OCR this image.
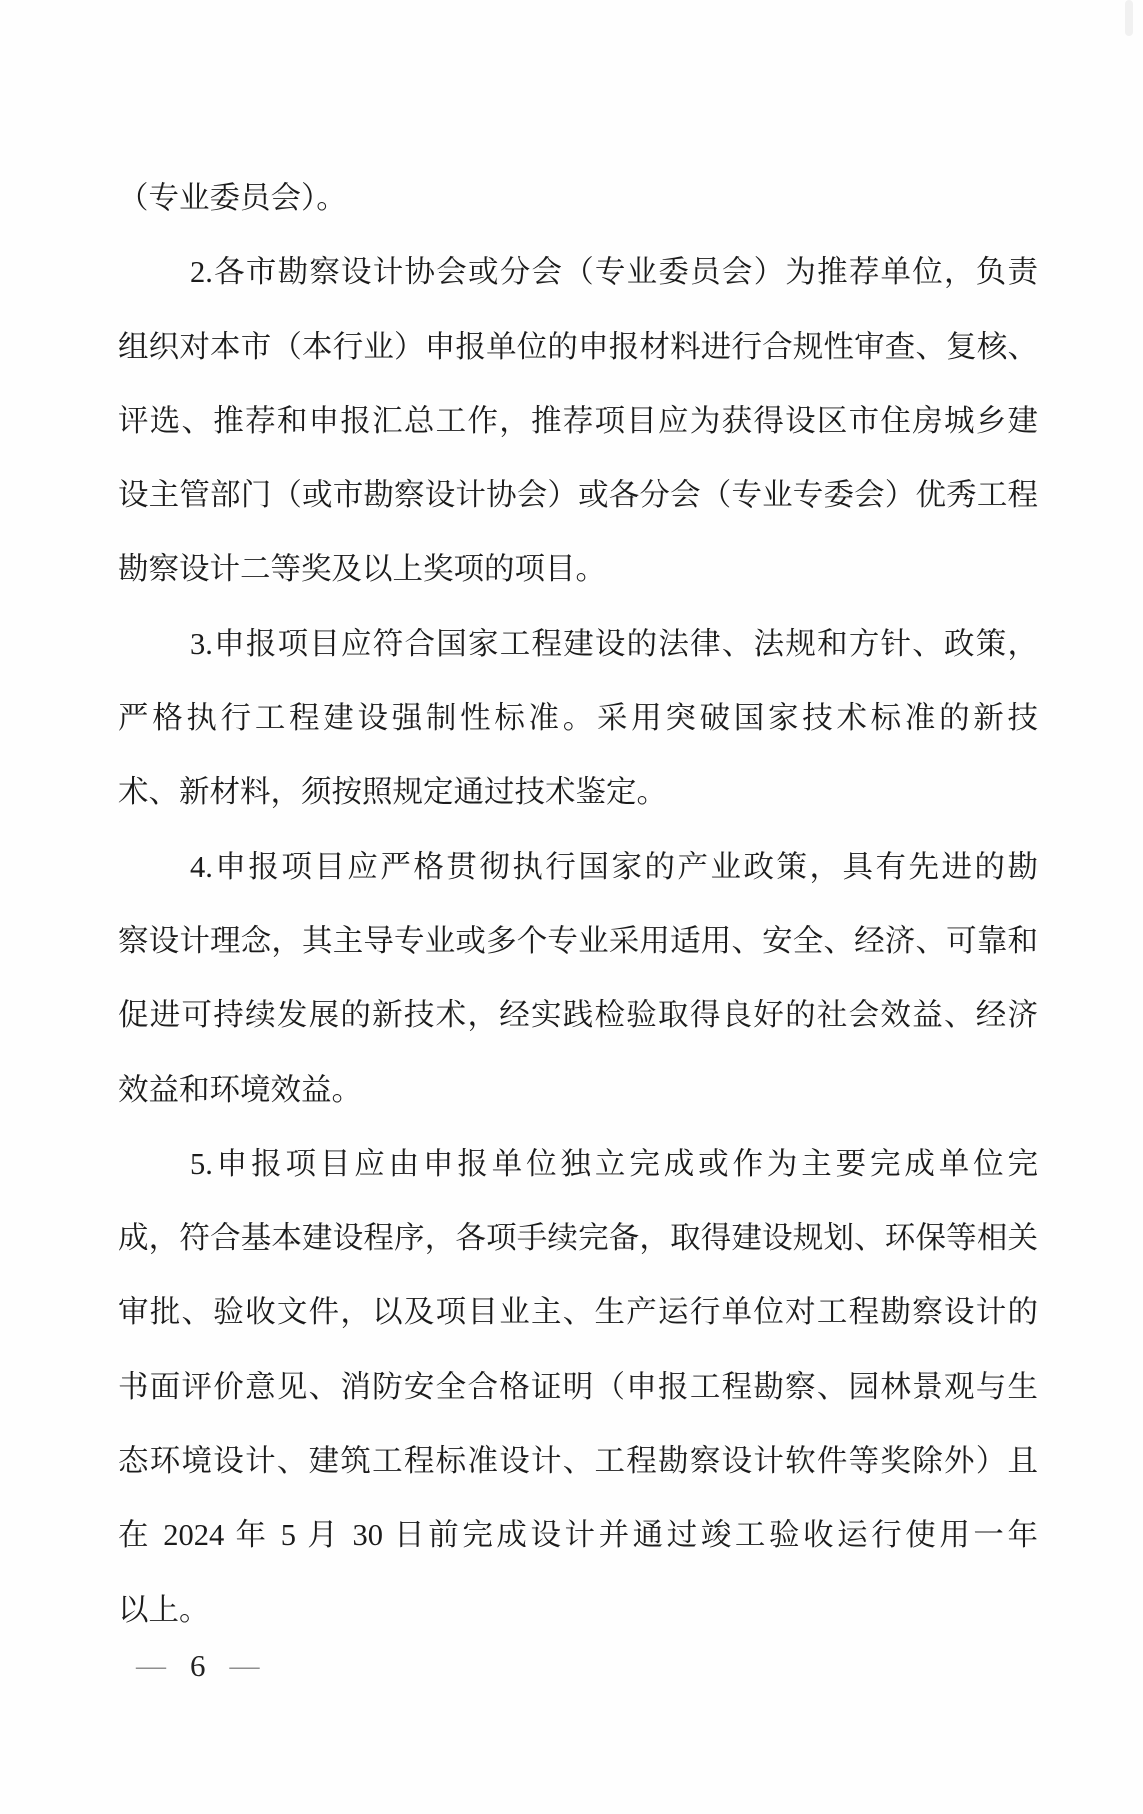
（专业委员会）。
2.各市勘察设计协会或分会（专业委员会）为推荐单位，负责
组织对本市（本行业）申报单位的申报材料进行合规性审查、复核、
评选、推荐和申报汇总工作，推荐项目应为获得设区市住房城乡建
设主管部门（或市勘察设计协会）或各分会（专业专委会）优秀工程
勘察设计二等奖及以上奖项的项目。
3.申报项目应符合国家工程建设的法律、法规和方针、政策，
严格执行工程建设强制性标准。采用突破国家技术标准的新技
术、新材料，须按照规定通过技术鉴定。
4.申报项目应严格贯彻执行国家的产业政策，具有先进的勘
察设计理念，其主导专业或多个专业采用适用、安全、经济、可靠和
促进可持续发展的新技术，经实践检验取得良好的社会效益、经济
效益和环境效益。
5.申报项目应由申报单位独立完成或作为主要完成单位完
成，符合基本建设程序，各项手续完备，取得建设规划、环保等相关
审批、验收文件，以及项目业主、生产运行单位对工程勘察设计的
书面评价意见、消防安全合格证明（申报工程勘察、园林景观与生
态环境设计、建筑工程标准设计、工程勘察设计软件等奖除外）且
在 2024 年 5 月 30 日前完成设计并通过竣工验收运行使用一年
以上。
— 6 —
